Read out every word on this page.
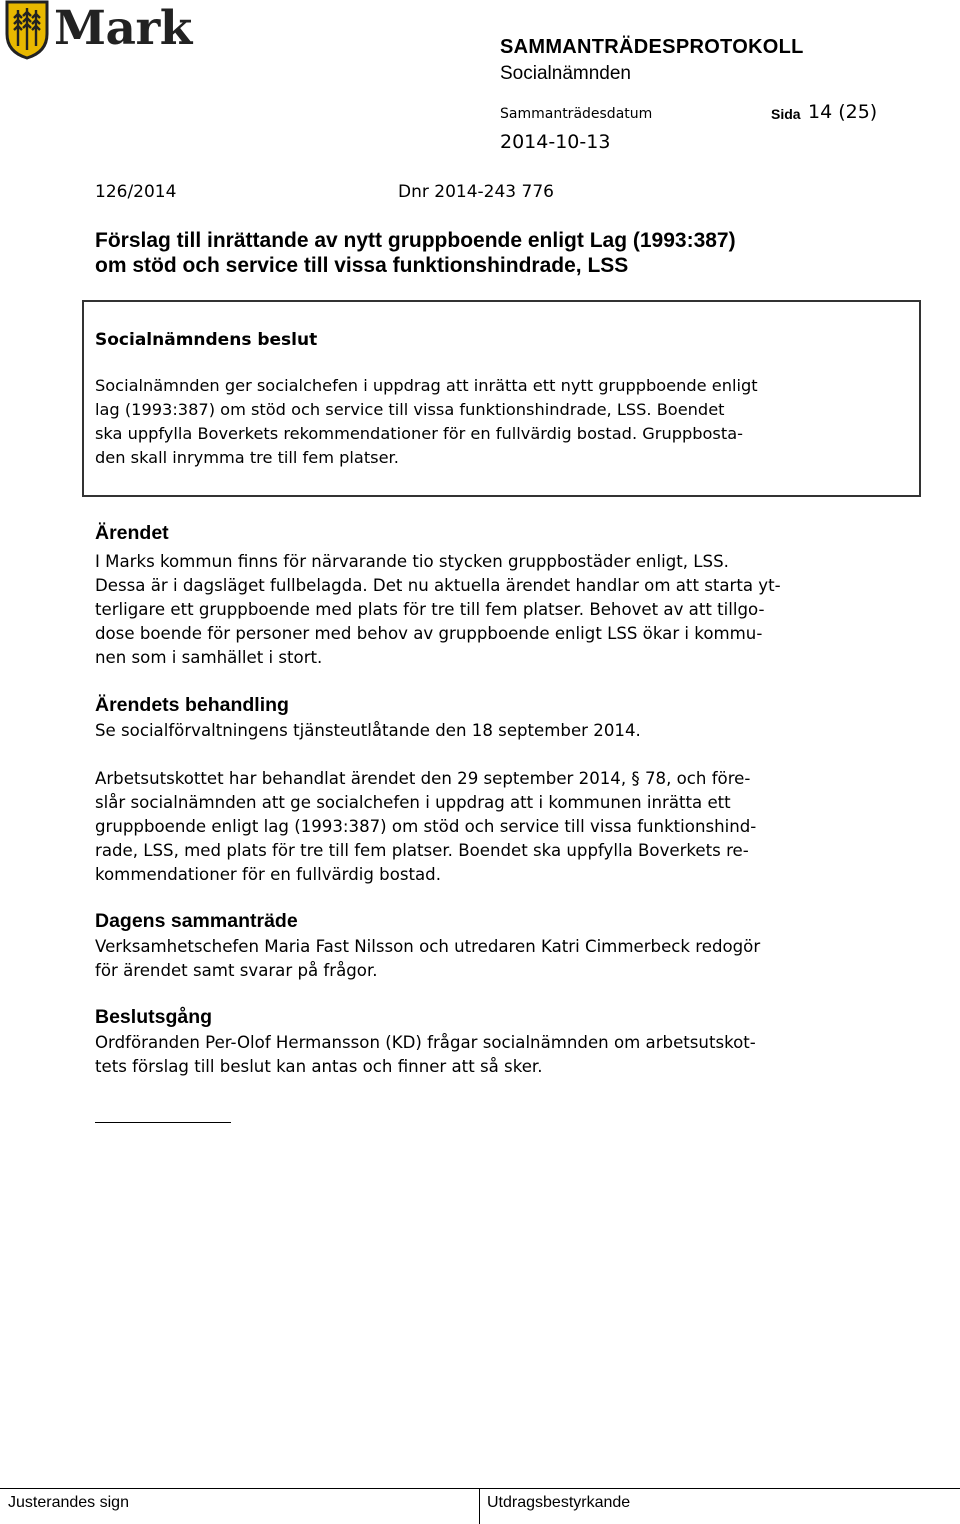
Mark	SAMMANTRÄDESPROTOKOLL
Socialnämnden
Sammanträdesdatum	Sida 14 (25)
2014-10-13
126/2014	Dnr 2014-243 776
Förslag till inrättande av nytt gruppboende enligt Lag (1993:387)
om stöd och service till vissa funktionshindrade, LSS
Socialnämndens beslut
Socialnämnden ger socialchefen i uppdrag att inrätta ett nytt gruppboende enligt
lag (1993:387) om stöd och service till vissa funktionshindrade, LSS. Boendet
ska uppfylla Boverkets rekommendationer för en fullvärdig bostad. Gruppbosta-
den skall inrymma tre till fem platser.
Ärendet
I Marks kommun finns för närvarande tio stycken gruppbostäder enligt, LSS.
Dessa är i dagsläget fullbelagda. Det nu aktuella ärendet handlar om att starta yt-
terligare ett gruppboende med plats för tre till fem platser. Behovet av att tillgo-
dose boende för personer med behov av gruppboende enligt LSS ökar i kommu-
nen som i samhället i stort.
Ärendets behandling
Se socialförvaltningens tjänsteutlåtande den 18 september 2014.
Arbetsutskottet har behandlat ärendet den 29 september 2014, § 78, och före-
slår socialnämnden att ge socialchefen i uppdrag att i kommunen inrätta ett
gruppboende enligt lag (1993:387) om stöd och service till vissa funktionshind-
rade, LSS, med plats för tre till fem platser. Boendet ska uppfylla Boverkets re-
kommendationer för en fullvärdig bostad.
Dagens sammanträde
Verksamhetschefen Maria Fast Nilsson och utredaren Katri Cimmerbeck redogör
för ärendet samt svarar på frågor.
Beslutsgång
Ordföranden Per-Olof Hermansson (KD) frågar socialnämnden om arbetsutskot-
tets förslag till beslut kan antas och finner att så sker.
Justerandes sign	Utdragsbestyrkande
